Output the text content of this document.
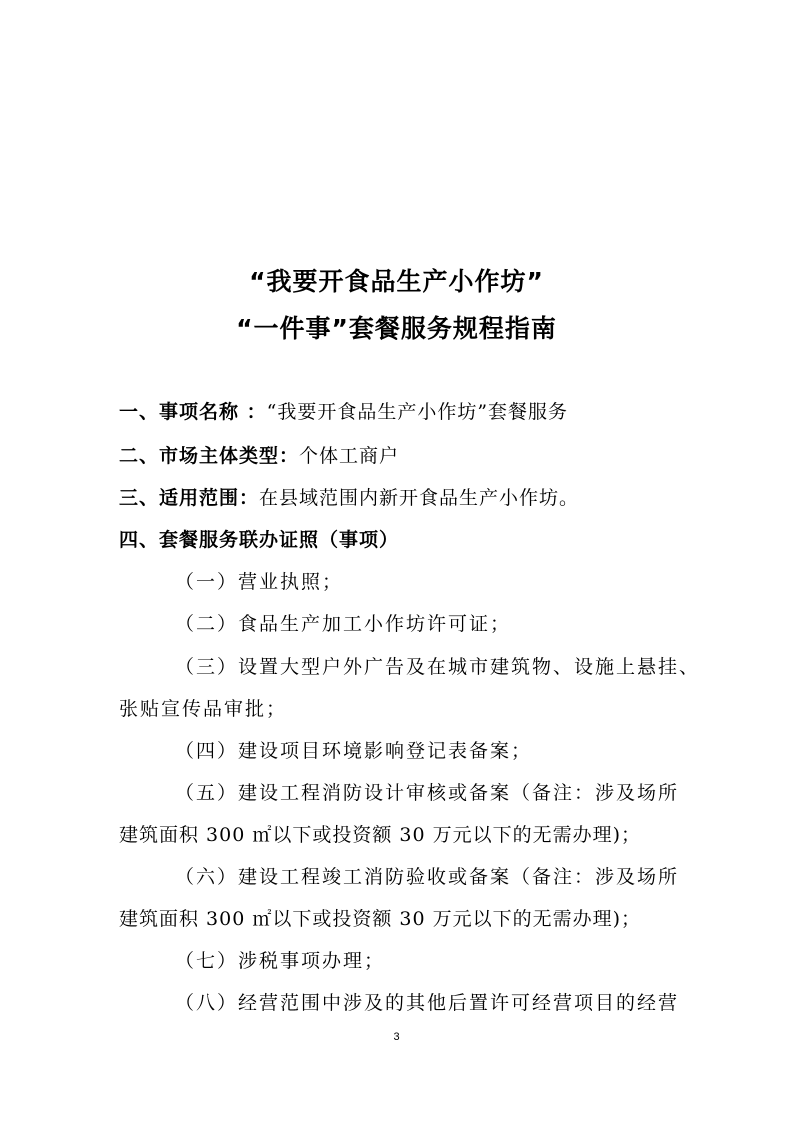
“我要开食品生产小作坊”
“一件事”套餐服务规程指南
一、事项名称 ：“我要开食品生产小作坊”套餐服务
二、市场主体类型：个体工商户
三、适用范围：在县域范围内新开食品生产小作坊。
四、套餐服务联办证照（事项）
（一）营业执照；
（二）食品生产加工小作坊许可证；
（三）设置大型户外广告及在城市建筑物、设施上悬挂、
张贴宣传品审批；
（四）建设项目环境影响登记表备案；
（五）建设工程消防设计审核或备案（备注：涉及场所
建筑面积 300 ㎡以下或投资额 30 万元以下的无需办理)；
（六）建设工程竣工消防验收或备案（备注：涉及场所
建筑面积 300 ㎡以下或投资额 30 万元以下的无需办理)；
（七）涉税事项办理；
（八）经营范围中涉及的其他后置许可经营项目的经营
3
